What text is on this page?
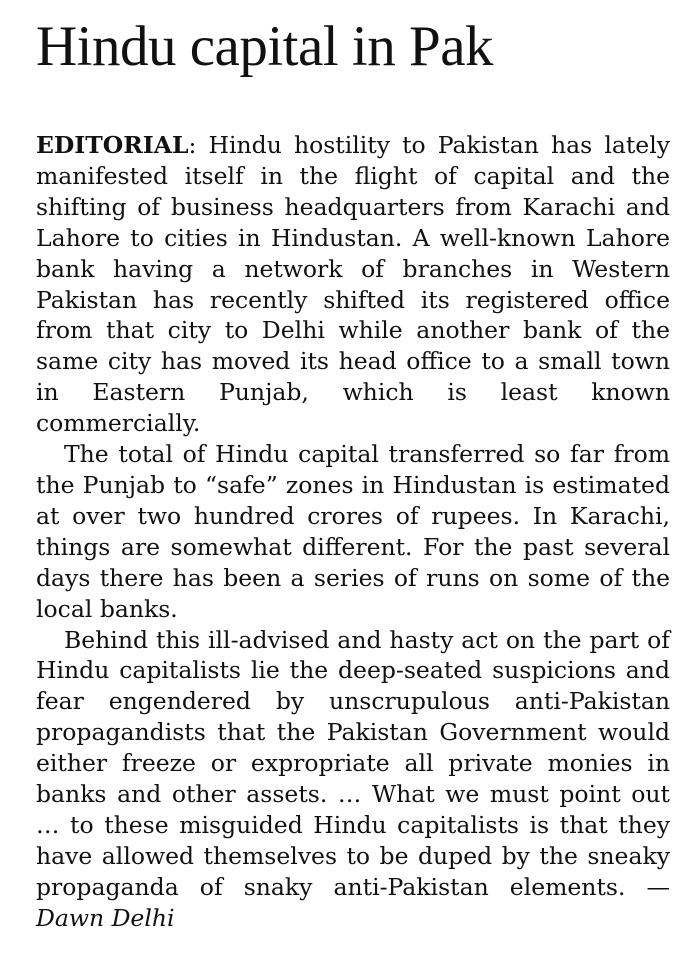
Hindu capital in Pak

EDITORIAL: Hindu hostility to Pakistan has lately manifested itself in the flight of capital and the shifting of business headquarters from Karachi and Lahore to cities in Hindustan. A well-known Lahore bank having a network of branches in Western Pakistan has recently shifted its registered office from that city to Delhi while another bank of the same city has moved its head office to a small town in Eastern Punjab, which is least known commercially.

The total of Hindu capital transferred so far from the Punjab to “safe” zones in Hindustan is estimated at over two hundred crores of rupees. In Karachi, things are somewhat different. For the past several days there has been a series of runs on some of the local banks.

Behind this ill-advised and hasty act on the part of Hindu capitalists lie the deep-seated suspicions and fear engendered by unscrupulous anti-Pakistan propagandists that the Pakistan Government would either freeze or expropriate all private monies in banks and other assets. … What we must point out … to these misguided Hindu capitalists is that they have allowed themselves to be duped by the sneaky propaganda of snaky anti-Pakistan elements. — Dawn Delhi
